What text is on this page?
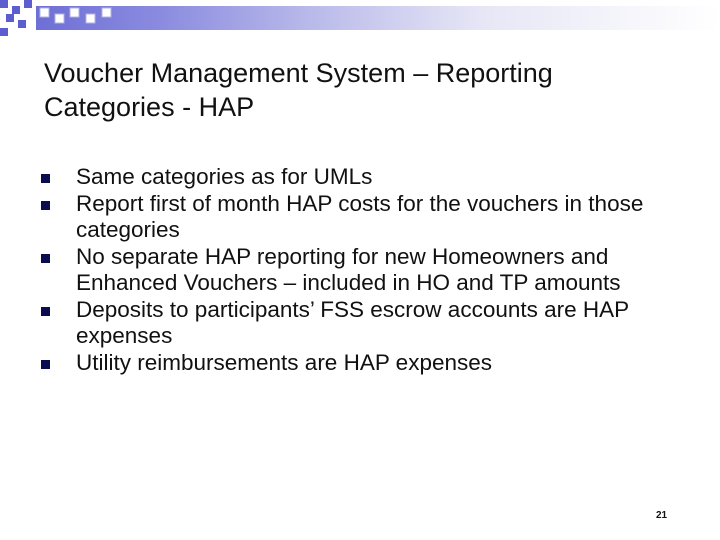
Voucher Management System – Reporting Categories - HAP
Same categories as for UMLs
Report first of month HAP costs for the vouchers in those categories
No separate HAP reporting for new Homeowners and Enhanced Vouchers – included in HO and TP amounts
Deposits to participants’ FSS escrow accounts are HAP expenses
Utility reimbursements are HAP expenses
21
